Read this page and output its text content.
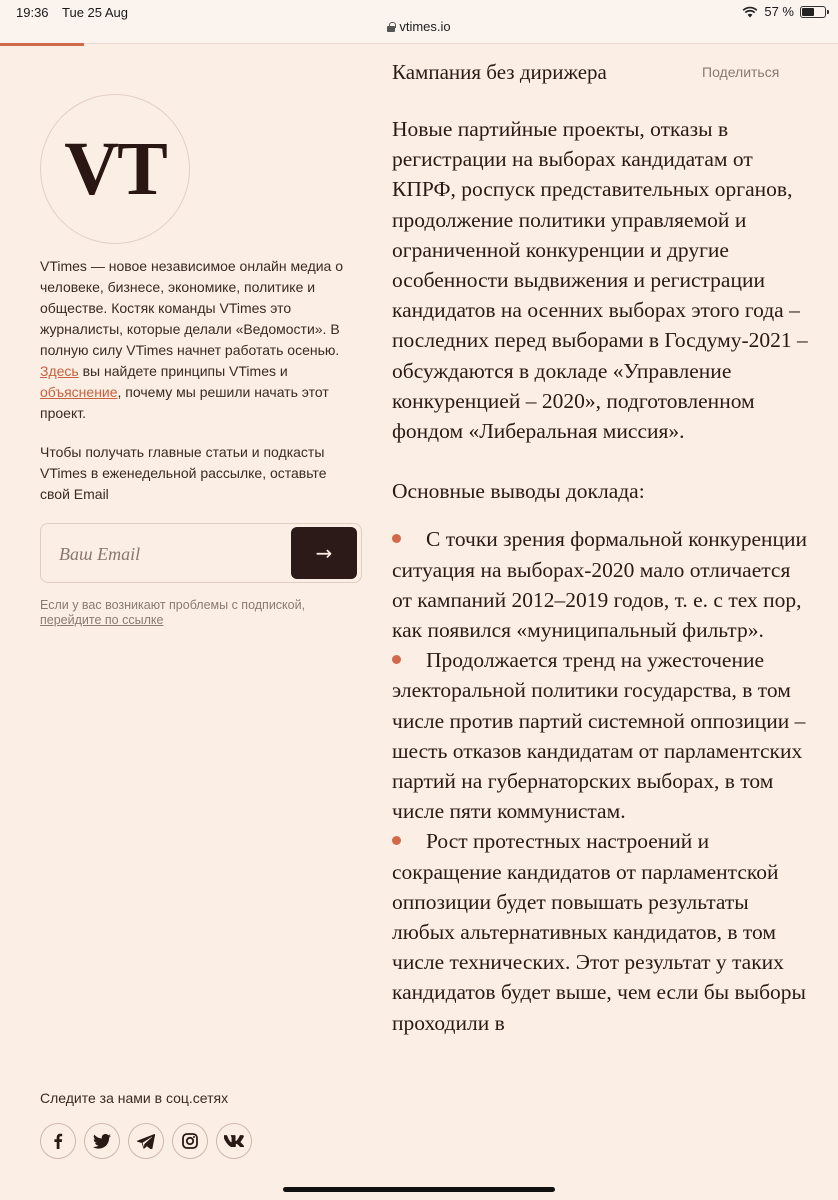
19:36 Tue 25 Aug
vtimes.io
57 %
VT
VTimes — новое независимое онлайн медиа о человеке, бизнесе, экономике, политике и обществе. Костяк команды VTimes это журналисты, которые делали «Ведомости». В полную силу VTimes начнет работать осенью. Здесь вы найдете принципы VTimes и объяснение, почему мы решили начать этот проект.
Чтобы получать главные статьи и подкасты VTimes в еженедельной рассылке, оставьте свой Email
Ваш Email
→
Если у вас возникают проблемы с подпиской, перейдите по ссылке
Следите за нами в соц.сетях
Кампания без дирижера	Поделиться

Новые партийные проекты, отказы в регистрации на выборах кандидатам от КПРФ, роспуск представительных органов, продолжение политики управляемой и ограниченной конкуренции и другие особенности выдвижения и регистрации кандидатов на осенних выборах этого года – последних перед выборами в Госдуму-2021 – обсуждаются в докладе «Управление конкуренцией – 2020», подготовленном фондом «Либеральная миссия».

Основные выводы доклада:

С точки зрения формальной конкуренции ситуация на выборах-2020 мало отличается от кампаний 2012–2019 годов, т. е. с тех пор, как появился «муниципальный фильтр».
Продолжается тренд на ужесточение электоральной политики государства, в том числе против партий системной оппозиции – шесть отказов кандидатам от парламентских партий на губернаторских выборах, в том числе пяти коммунистам.
Рост протестных настроений и сокращение кандидатов от парламентской оппозиции будет повышать результаты любых альтернативных кандидатов, в том числе технических. Этот результат у таких кандидатов будет выше, чем если бы выборы проходили в
